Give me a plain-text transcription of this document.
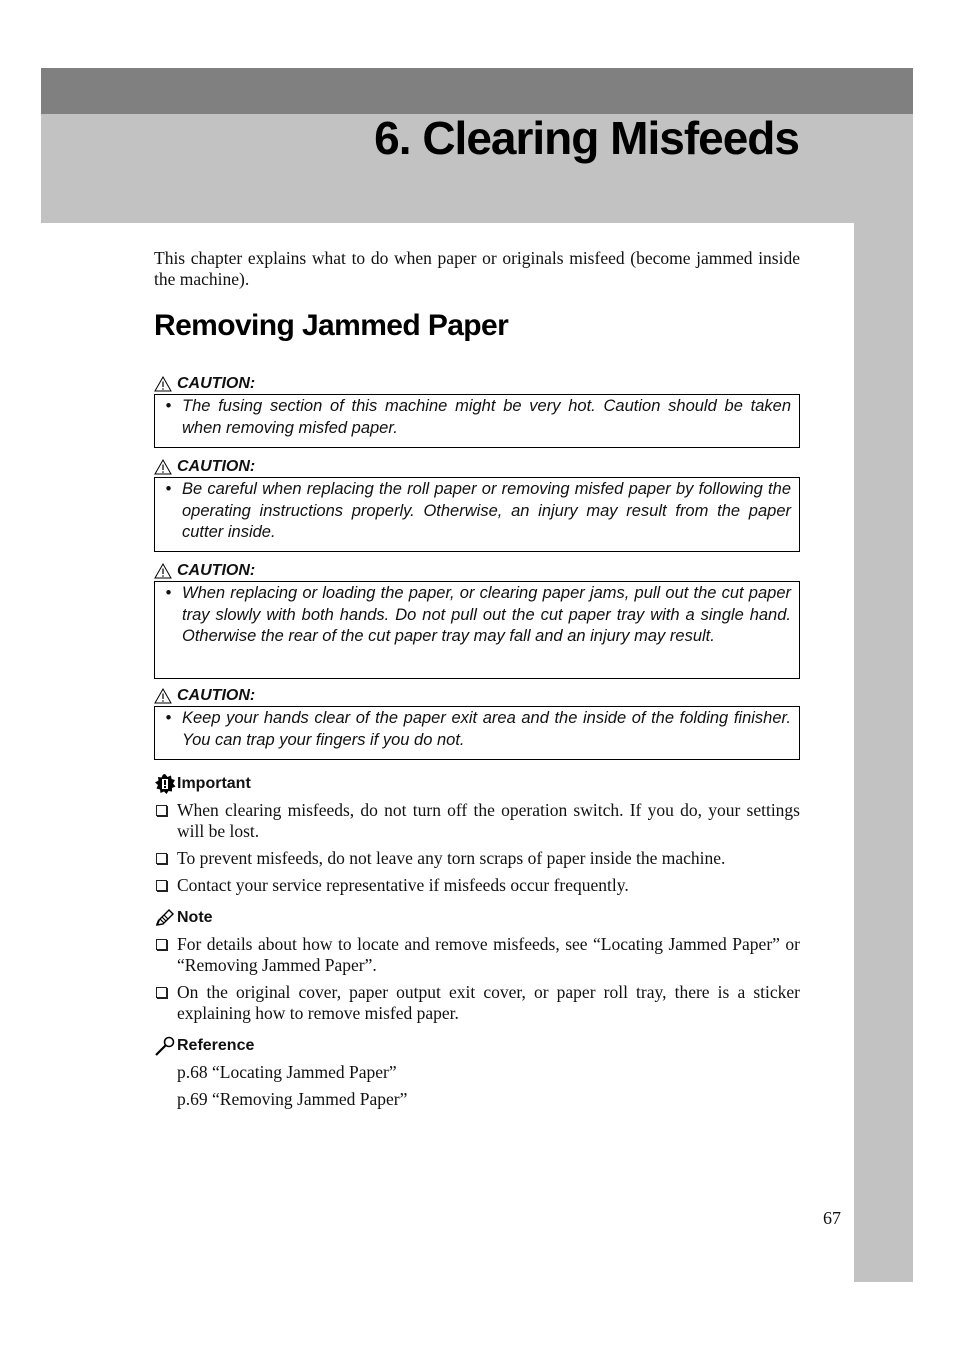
6. Clearing Misfeeds

This chapter explains what to do when paper or originals misfeed (become jammed inside the machine).

Removing Jammed Paper
CAUTION:
• The fusing section of this machine might be very hot. Caution should be taken when removing misfed paper.
CAUTION:
• Be careful when replacing the roll paper or removing misfed paper by following the operating instructions properly. Otherwise, an injury may result from the paper cutter inside.
CAUTION:
• When replacing or loading the paper, or clearing paper jams, pull out the cut paper tray slowly with both hands. Do not pull out the cut paper tray with a single hand. Otherwise the rear of the cut paper tray may fall and an injury may result.
CAUTION:
• Keep your hands clear of the paper exit area and the inside of the folding finisher. You can trap your fingers if you do not.
Important
When clearing misfeeds, do not turn off the operation switch. If you do, your settings will be lost.
To prevent misfeeds, do not leave any torn scraps of paper inside the machine.
Contact your service representative if misfeeds occur frequently.
Note
For details about how to locate and remove misfeeds, see “Locating Jammed Paper” or “Removing Jammed Paper”.
On the original cover, paper output exit cover, or paper roll tray, there is a sticker explaining how to remove misfed paper.
Reference
p.68 “Locating Jammed Paper”
p.69 “Removing Jammed Paper”
67
